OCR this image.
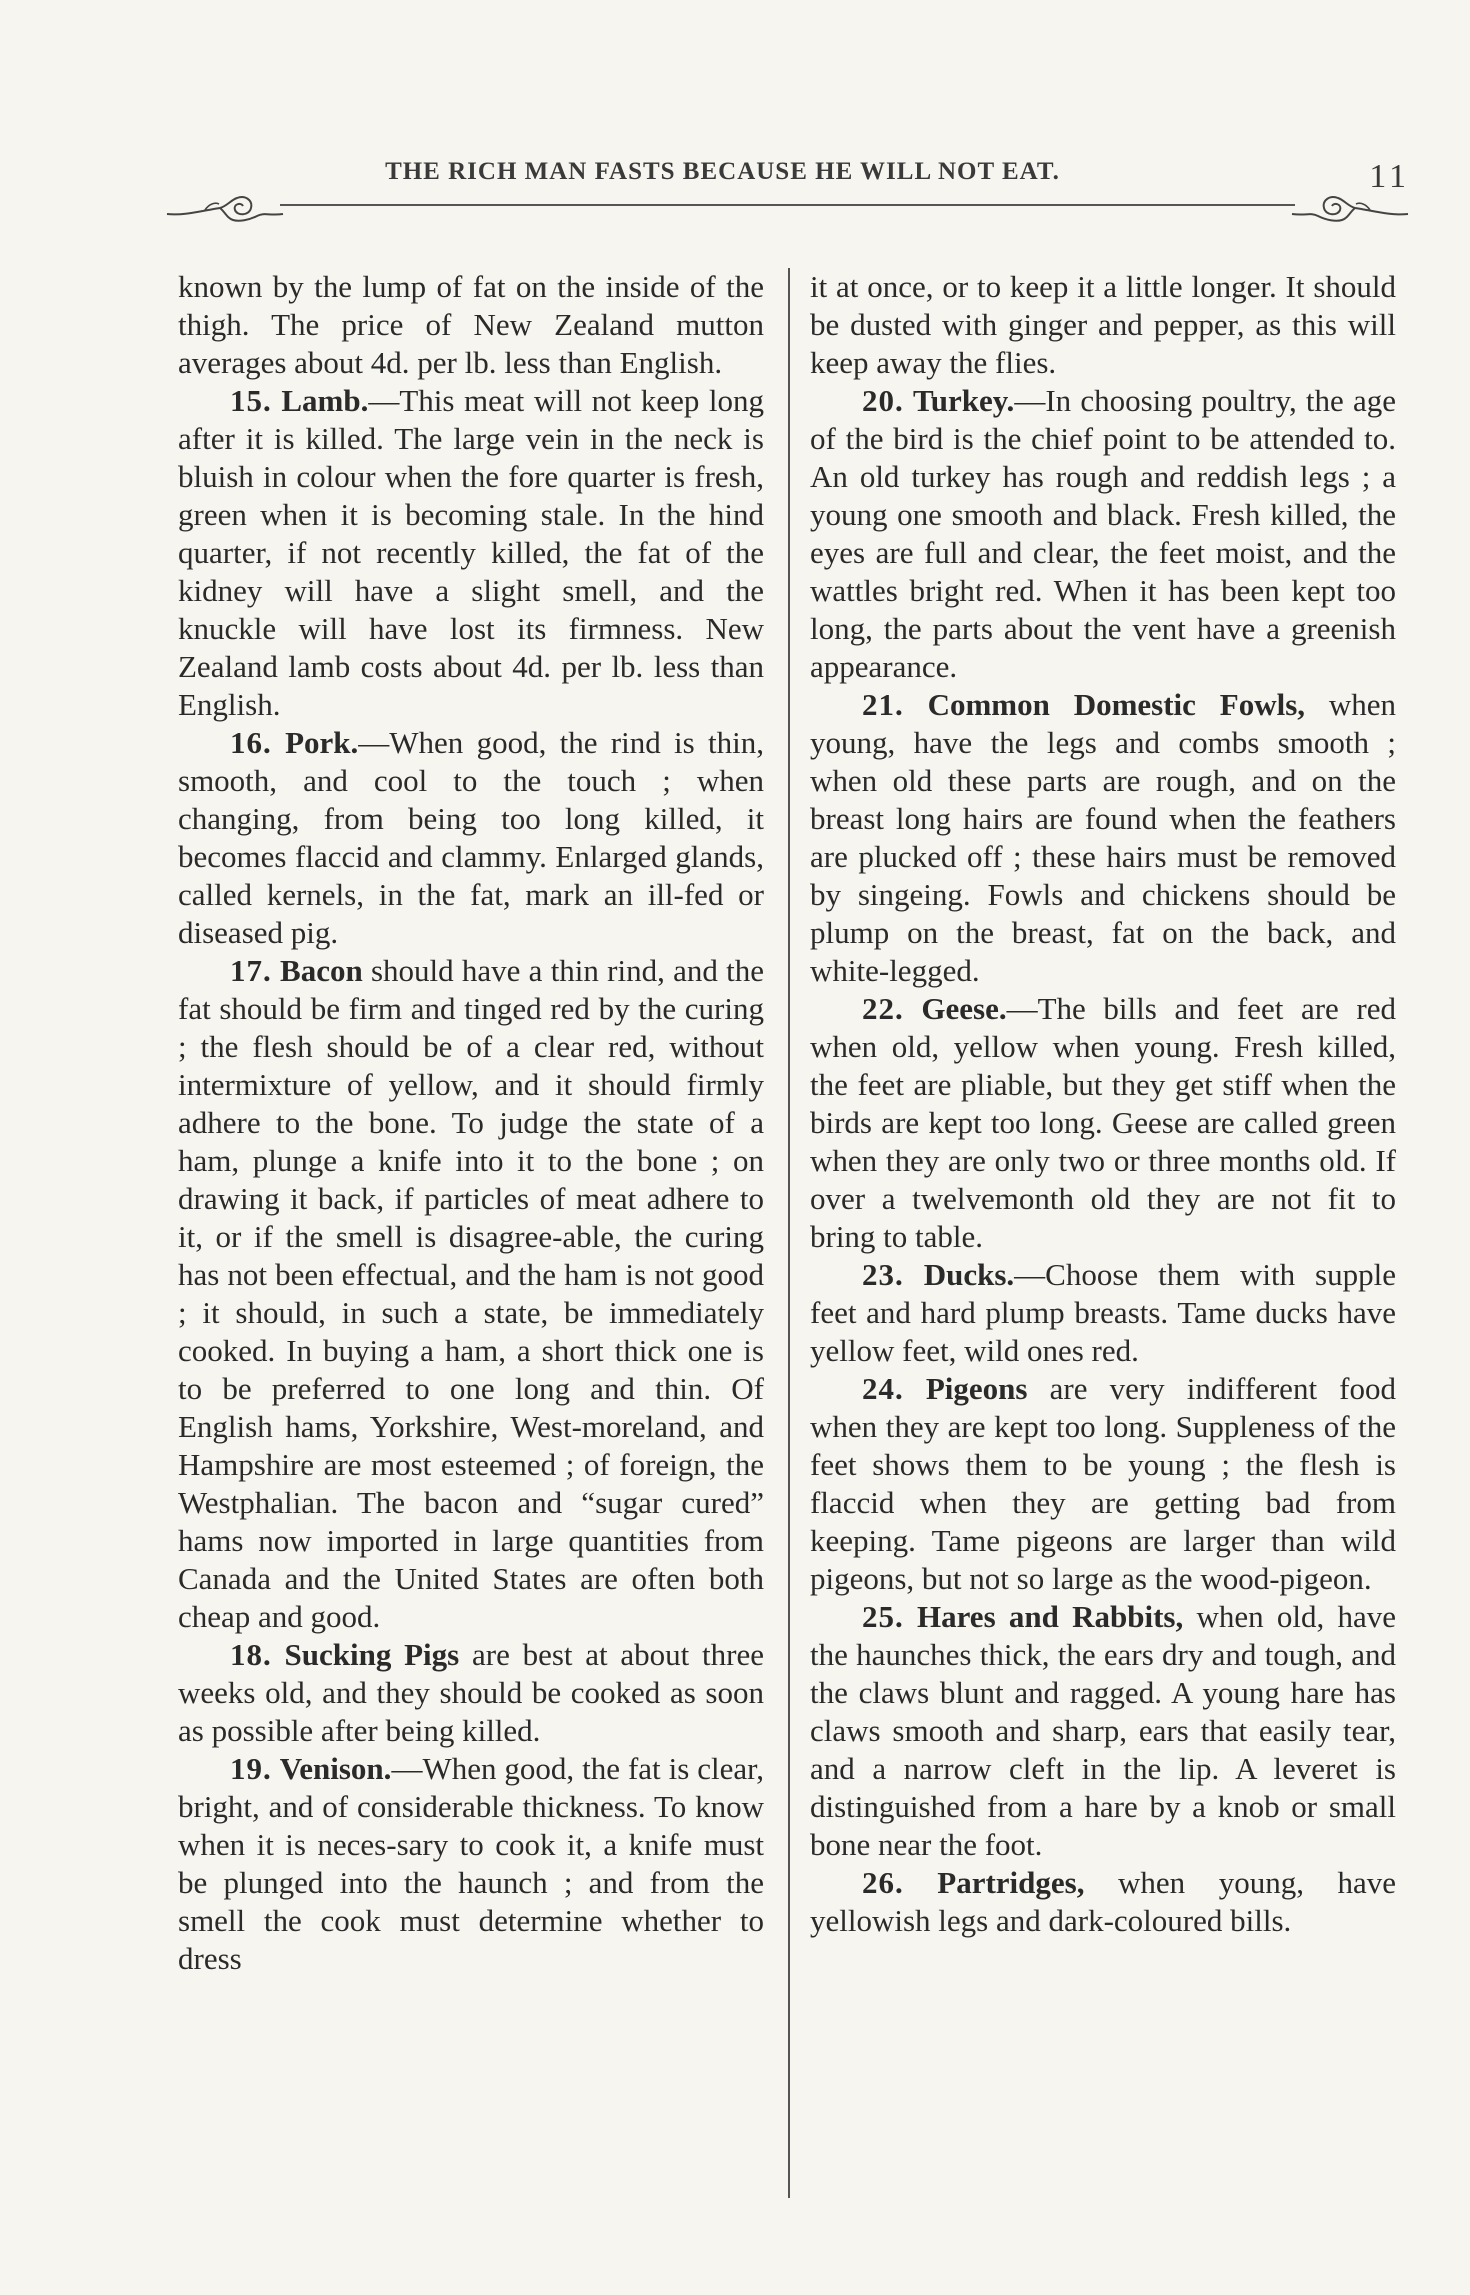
THE RICH MAN FASTS BECAUSE HE WILL NOT EAT.	11

known by the lump of fat on the inside of the thigh. The price of New Zealand mutton averages about 4d. per lb. less than English.

15. Lamb.—This meat will not keep long after it is killed. The large vein in the neck is bluish in colour when the fore quarter is fresh, green when it is becoming stale. In the hind quarter, if not recently killed, the fat of the kidney will have a slight smell, and the knuckle will have lost its firmness. New Zealand lamb costs about 4d. per lb. less than English.

16. Pork.—When good, the rind is thin, smooth, and cool to the touch ; when changing, from being too long killed, it becomes flaccid and clammy. Enlarged glands, called kernels, in the fat, mark an ill-fed or diseased pig.

17. Bacon should have a thin rind, and the fat should be firm and tinged red by the curing ; the flesh should be of a clear red, without intermixture of yellow, and it should firmly adhere to the bone. To judge the state of a ham, plunge a knife into it to the bone ; on drawing it back, if particles of meat adhere to it, or if the smell is disagree-able, the curing has not been effectual, and the ham is not good ; it should, in such a state, be immediately cooked. In buying a ham, a short thick one is to be preferred to one long and thin. Of English hams, Yorkshire, West-moreland, and Hampshire are most esteemed ; of foreign, the Westphalian. The bacon and “sugar cured” hams now imported in large quantities from Canada and the United States are often both cheap and good.

18. Sucking Pigs are best at about three weeks old, and they should be cooked as soon as possible after being killed.

19. Venison.—When good, the fat is clear, bright, and of considerable thickness. To know when it is neces-sary to cook it, a knife must be plunged into the haunch ; and from the smell the cook must determine whether to dress

it at once, or to keep it a little longer. It should be dusted with ginger and pepper, as this will keep away the flies.

20. Turkey.—In choosing poultry, the age of the bird is the chief point to be attended to. An old turkey has rough and reddish legs ; a young one smooth and black. Fresh killed, the eyes are full and clear, the feet moist, and the wattles bright red. When it has been kept too long, the parts about the vent have a greenish appearance.

21. Common Domestic Fowls, when young, have the legs and combs smooth ; when old these parts are rough, and on the breast long hairs are found when the feathers are plucked off ; these hairs must be removed by singeing. Fowls and chickens should be plump on the breast, fat on the back, and white-legged.

22. Geese.—The bills and feet are red when old, yellow when young. Fresh killed, the feet are pliable, but they get stiff when the birds are kept too long. Geese are called green when they are only two or three months old. If over a twelvemonth old they are not fit to bring to table.

23. Ducks.—Choose them with supple feet and hard plump breasts. Tame ducks have yellow feet, wild ones red.

24. Pigeons are very indifferent food when they are kept too long. Suppleness of the feet shows them to be young ; the flesh is flaccid when they are getting bad from keeping. Tame pigeons are larger than wild pigeons, but not so large as the wood-pigeon.

25. Hares and Rabbits, when old, have the haunches thick, the ears dry and tough, and the claws blunt and ragged. A young hare has claws smooth and sharp, ears that easily tear, and a narrow cleft in the lip. A leveret is distinguished from a hare by a knob or small bone near the foot.

26. Partridges, when young, have yellowish legs and dark-coloured bills.
